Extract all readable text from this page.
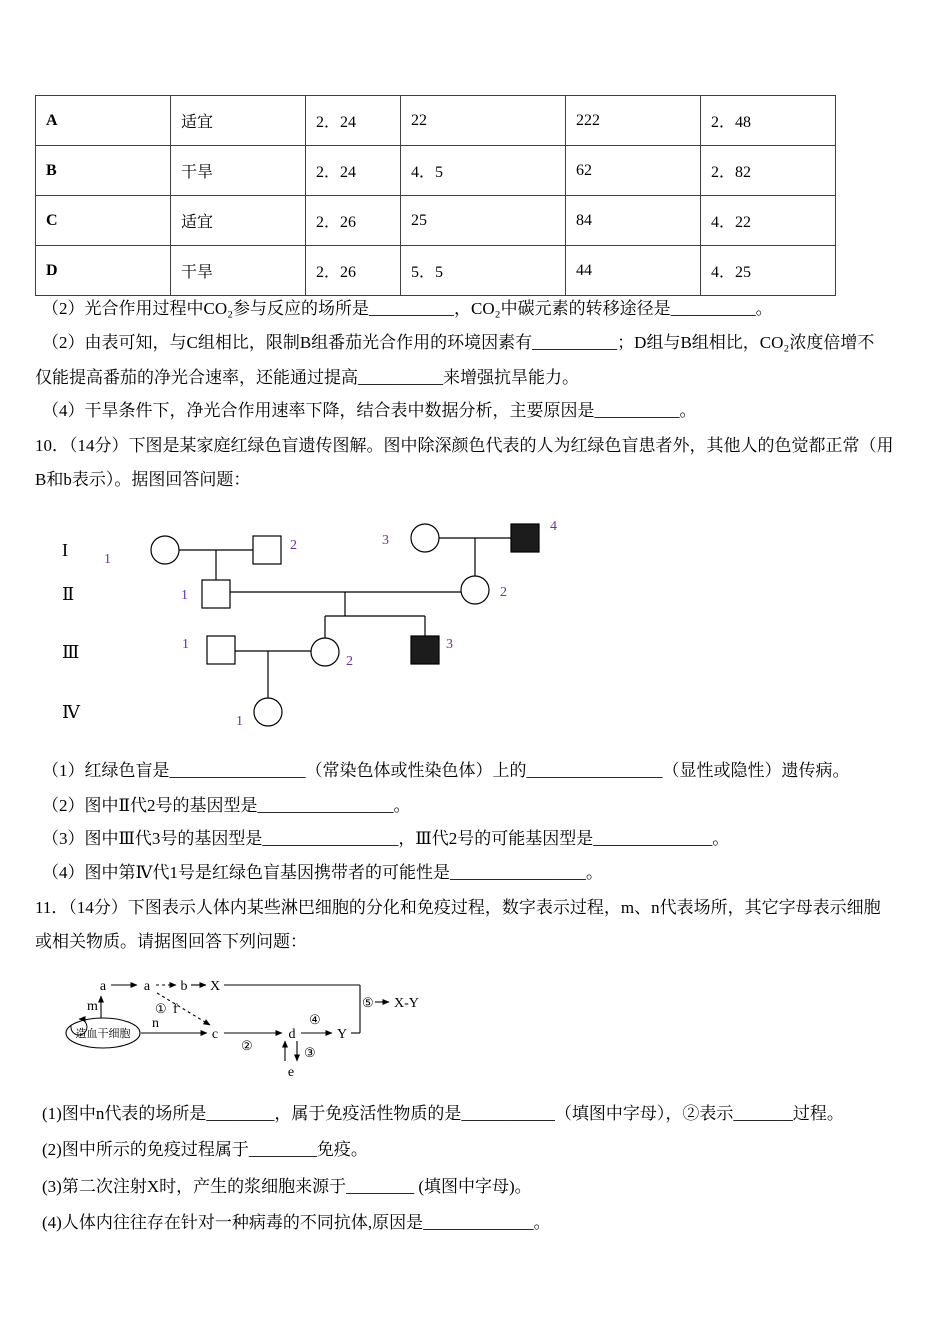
A	适宜	2．24	22	222	2．48
B	干旱	2．24	4．5	62	2．82
C	适宜	2．26	25	84	4．22
D	干旱	2．26	5．5	44	4．25
（2）光合作用过程中CO₂参与反应的场所是__________，CO₂中碳元素的转移途径是__________。
（2）由表可知，与C组相比，限制B组番茄光合作用的环境因素有__________；D组与B组相比，CO₂浓度倍增不
仅能提高番茄的净光合速率，还能通过提高__________来增强抗旱能力。
（4）干旱条件下，净光合作用速率下降，结合表中数据分析，主要原因是__________。
10．（14分）下图是某家庭红绿色盲遗传图解。图中除深颜色代表的人为红绿色盲患者外，其他人的色觉都正常（用
B和b表示）。据图回答问题：
I
Ⅱ
Ⅲ
Ⅳ
1
2	3
4
1	2
1
2
3
1
（1）红绿色盲是________________（常染色体或性染色体）上的________________（显性或隐性）遗传病。
（2）图中Ⅱ代2号的基因型是________________。
（3）图中Ⅲ代3号的基因型是________________，Ⅲ代2号的可能基因型是______________。
（4）图中第Ⅳ代1号是红绿色盲基因携带者的可能性是________________。
11．（14分）下图表示人体内某些淋巴细胞的分化和免疫过程，数字表示过程，m、n代表场所，其它字母表示细胞
或相关物质。请据图回答下列问题：
造血干细胞
m
a	a
①
b X
f
n
c
②
d
④
Y
⑤ X-Y
③
e
(1)图中n代表的场所是________，属于免疫活性物质的是___________（填图中字母），②表示_______过程。
(2)图中所示的免疫过程属于________免疫。
(3)第二次注射X时，产生的浆细胞来源于________ (填图中字母)。
(4)人体内往往存在针对一种病毒的不同抗体,原因是_____________。
